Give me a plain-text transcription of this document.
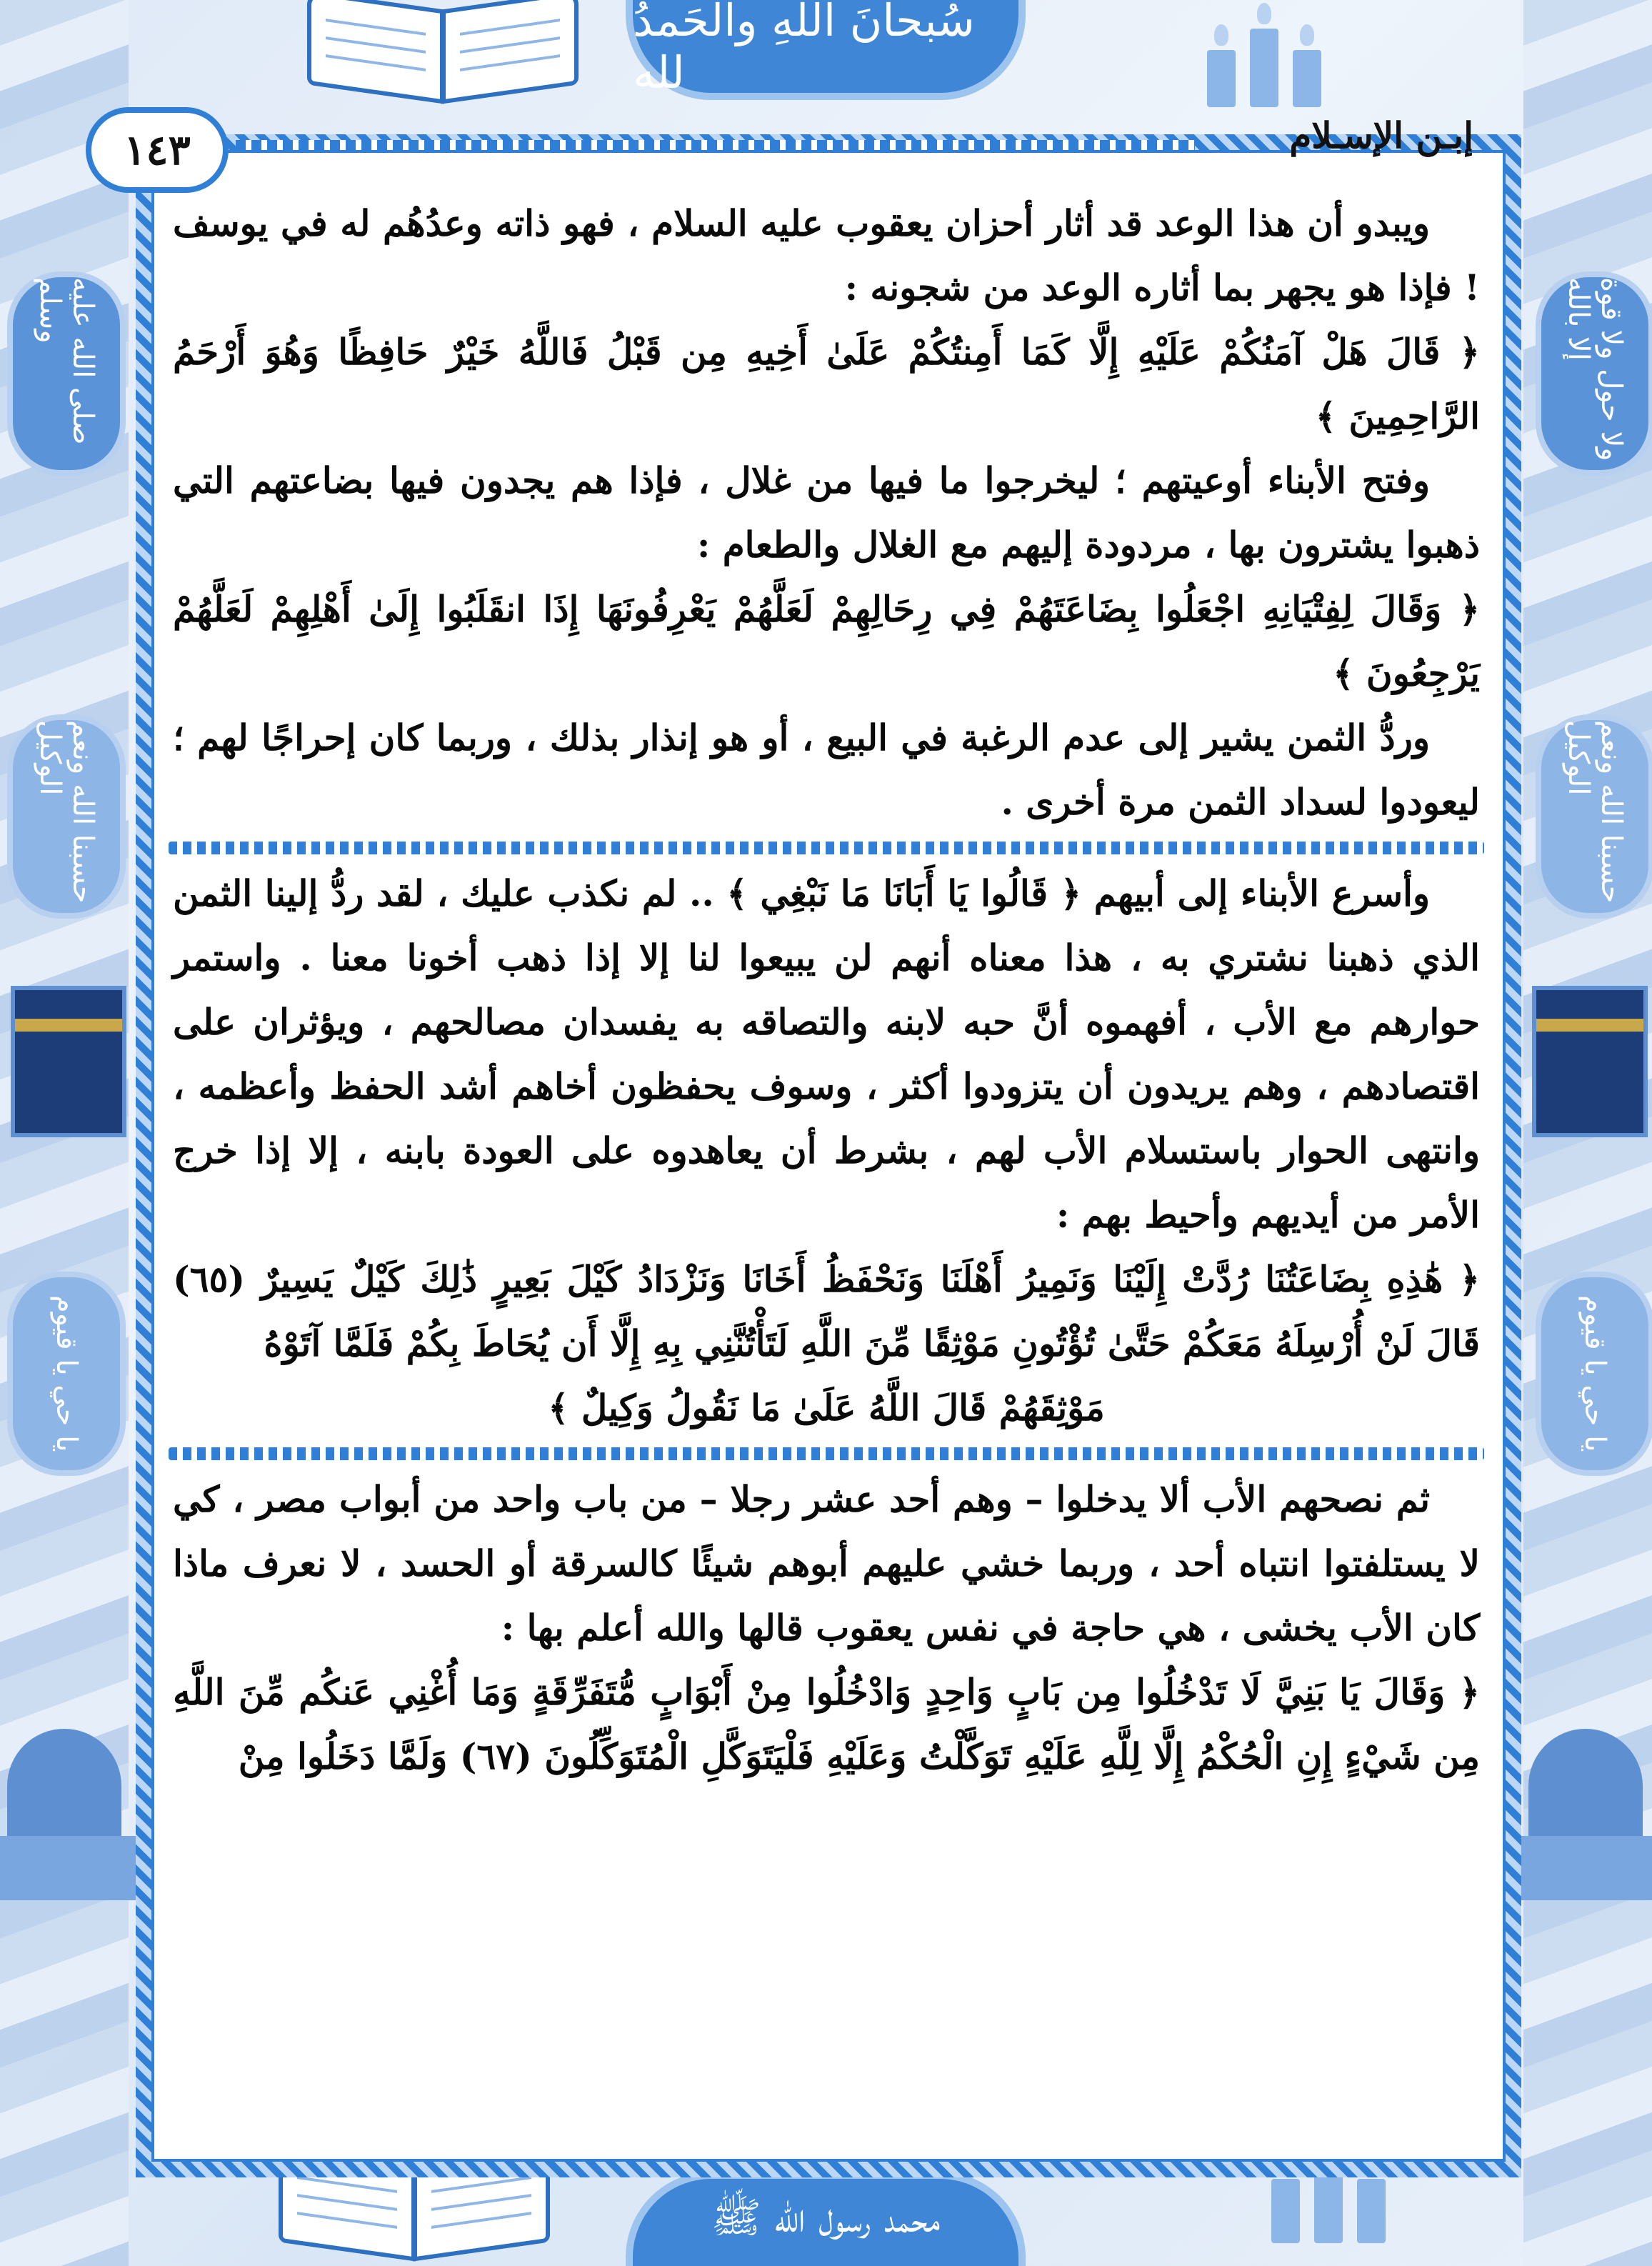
سُبحانَ اللهِ والحَمدُ لله
محمد رسول الله ﷺ
صلى الله عليه وسلم	ولا حول ولا قوة إلا بالله
حسبنا الله ونعم الوكيل	حسبنا الله ونعم الوكيل
يا حي يا قيوم	يا حي يا قيوم
١٤٣	إبـن الإسـلام

ويبدو أن هذا الوعد قد أثار أحزان يعقوب عليه السلام ، فهو ذاته وعدُهُم له في يوسف ! فإذا هو يجهر بما أثاره الوعد من شجونه :

﴿ قَالَ هَلْ آمَنُكُمْ عَلَيْهِ إِلَّا كَمَا أَمِنتُكُمْ عَلَىٰ أَخِيهِ مِن قَبْلُ فَاللَّهُ خَيْرٌ حَافِظًا وَهُوَ أَرْحَمُ الرَّاحِمِينَ ﴾

وفتح الأبناء أوعيتهم ؛ ليخرجوا ما فيها من غلال ، فإذا هم يجدون فيها بضاعتهم التي ذهبوا يشترون بها ، مردودة إليهم مع الغلال والطعام :

﴿ وَقَالَ لِفِتْيَانِهِ اجْعَلُوا بِضَاعَتَهُمْ فِي رِحَالِهِمْ لَعَلَّهُمْ يَعْرِفُونَهَا إِذَا انقَلَبُوا إِلَىٰ أَهْلِهِمْ لَعَلَّهُمْ يَرْجِعُونَ ﴾

وردُّ الثمن يشير إلى عدم الرغبة في البيع ، أو هو إنذار بذلك ، وربما كان إحراجًا لهم ؛ ليعودوا لسداد الثمن مرة أخرى .

وأسرع الأبناء إلى أبيهم ﴿ قَالُوا يَا أَبَانَا مَا نَبْغِي ﴾ .. لم نكذب عليك ، لقد ردُّ إلينا الثمن الذي ذهبنا نشتري به ، هذا معناه أنهم لن يبيعوا لنا إلا إذا ذهب أخونا معنا . واستمر حوارهم مع الأب ، أفهموه أنَّ حبه لابنه والتصاقه به يفسدان مصالحهم ، ويؤثران على اقتصادهم ، وهم يريدون أن يتزودوا أكثر ، وسوف يحفظون أخاهم أشد الحفظ وأعظمه ، وانتهى الحوار باستسلام الأب لهم ، بشرط أن يعاهدوه على العودة بابنه ، إلا إذا خرج الأمر من أيديهم وأحيط بهم :

﴿ هَٰذِهِ بِضَاعَتُنَا رُدَّتْ إِلَيْنَا وَنَمِيرُ أَهْلَنَا وَنَحْفَظُ أَخَانَا وَنَزْدَادُ كَيْلَ بَعِيرٍ ذَٰلِكَ كَيْلٌ يَسِيرٌ (٦٥) قَالَ لَنْ أُرْسِلَهُ مَعَكُمْ حَتَّىٰ تُؤْتُونِ مَوْثِقًا مِّنَ اللَّهِ لَتَأْتُنَّنِي بِهِ إِلَّا أَن يُحَاطَ بِكُمْ فَلَمَّا آتَوْهُ

مَوْثِقَهُمْ قَالَ اللَّهُ عَلَىٰ مَا نَقُولُ وَكِيلٌ ﴾

ثم نصحهم الأب ألا يدخلوا – وهم أحد عشر رجلا – من باب واحد من أبواب مصر ، كي لا يستلفتوا انتباه أحد ، وربما خشي عليهم أبوهم شيئًا كالسرقة أو الحسد ، لا نعرف ماذا كان الأب يخشى ، هي حاجة في نفس يعقوب قالها والله أعلم بها :

﴿ وَقَالَ يَا بَنِيَّ لَا تَدْخُلُوا مِن بَابٍ وَاحِدٍ وَادْخُلُوا مِنْ أَبْوَابٍ مُّتَفَرِّقَةٍ وَمَا أُغْنِي عَنكُم مِّنَ اللَّهِ مِن شَيْءٍ إِنِ الْحُكْمُ إِلَّا لِلَّهِ عَلَيْهِ تَوَكَّلْتُ وَعَلَيْهِ فَلْيَتَوَكَّلِ الْمُتَوَكِّلُونَ (٦٧) وَلَمَّا دَخَلُوا مِنْ
